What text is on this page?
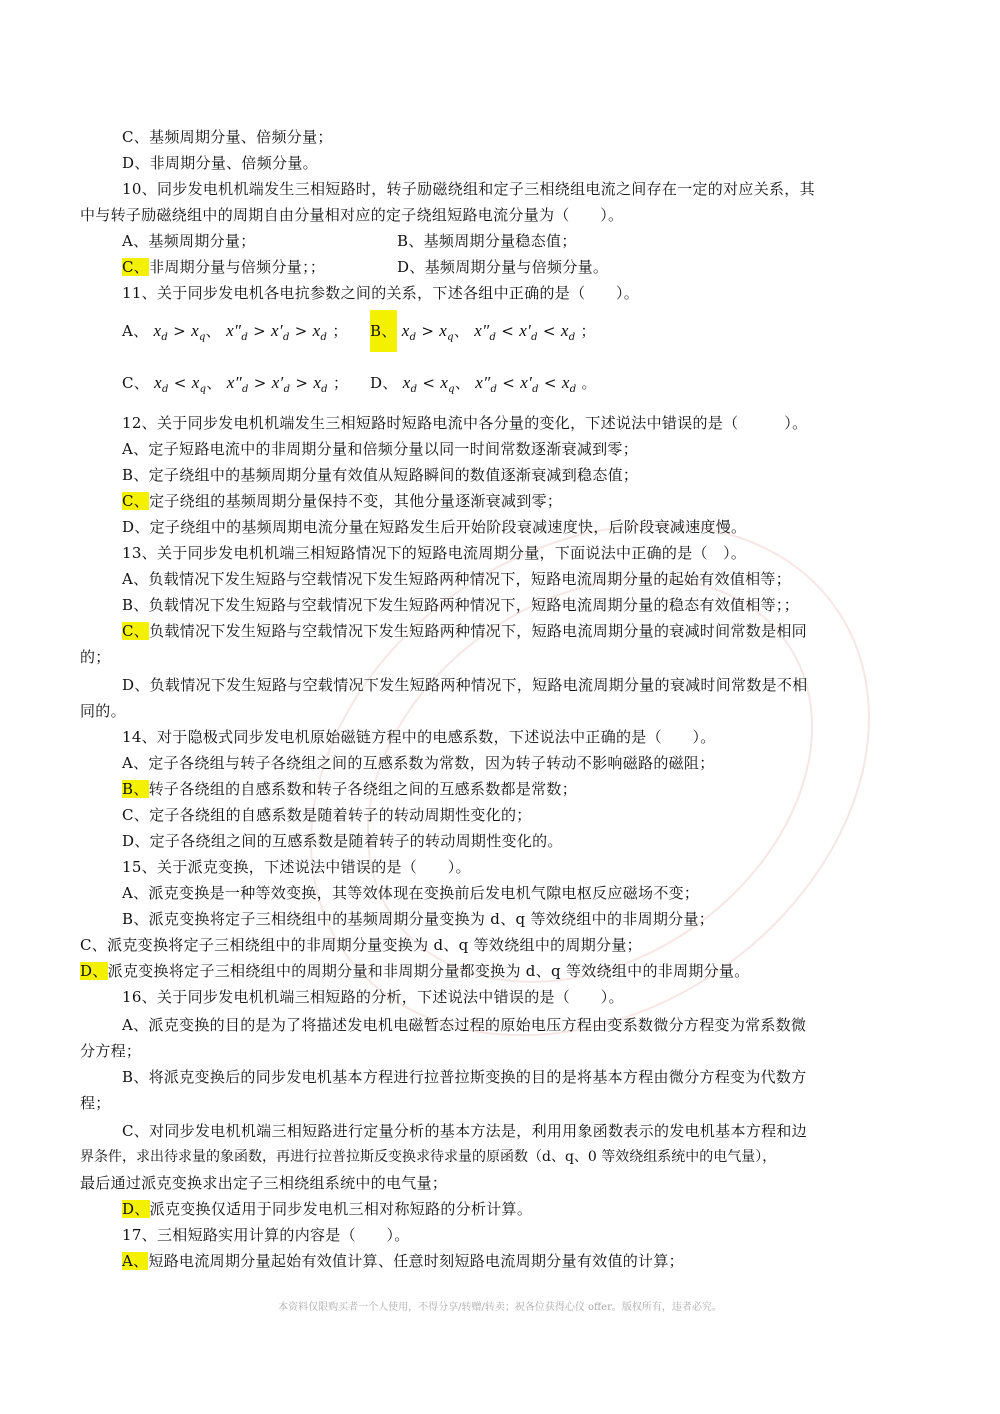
C、基频周期分量、倍频分量；
D、非周期分量、倍频分量。
10、同步发电机机端发生三相短路时，转子励磁绕组和定子三相绕组电流之间存在一定的对应关系，其
中与转子励磁绕组中的周期自由分量相对应的定子绕组短路电流分量为（　　）。
A、基频周期分量；	B、基频周期分量稳态值；
C、非周期分量与倍频分量；；	D、基频周期分量与倍频分量。
11、关于同步发电机各电抗参数之间的关系，下述各组中正确的是（　　）。
A、 $x_d > x_q$、 $x''_d > x'_d > x_d$ ； B、 $x_d > x_q$、 $x''_d < x'_d < x_d$ ；
C、 $x_d < x_q$、 $x''_d > x'_d > x_d$ ； D、 $x_d < x_q$、 $x''_d < x'_d < x_d$ 。
12、关于同步发电机机端发生三相短路时短路电流中各分量的变化，下述说法中错误的是（　　　）。
A、定子短路电流中的非周期分量和倍频分量以同一时间常数逐渐衰减到零；
B、定子绕组中的基频周期分量有效值从短路瞬间的数值逐渐衰减到稳态值；
C、定子绕组的基频周期分量保持不变，其他分量逐渐衰减到零；
D、定子绕组中的基频周期电流分量在短路发生后开始阶段衰减速度快，后阶段衰减速度慢。
13、关于同步发电机机端三相短路情况下的短路电流周期分量，下面说法中正确的是（　）。
A、负载情况下发生短路与空载情况下发生短路两种情况下，短路电流周期分量的起始有效值相等；
B、负载情况下发生短路与空载情况下发生短路两种情况下，短路电流周期分量的稳态有效值相等；；
C、负载情况下发生短路与空载情况下发生短路两种情况下，短路电流周期分量的衰减时间常数是相同
的；
D、负载情况下发生短路与空载情况下发生短路两种情况下，短路电流周期分量的衰减时间常数是不相
同的。
14、对于隐极式同步发电机原始磁链方程中的电感系数，下述说法中正确的是（　　）。
A、定子各绕组与转子各绕组之间的互感系数为常数，因为转子转动不影响磁路的磁阻；
B、转子各绕组的自感系数和转子各绕组之间的互感系数都是常数；
C、定子各绕组的自感系数是随着转子的转动周期性变化的；
D、定子各绕组之间的互感系数是随着转子的转动周期性变化的。
15、关于派克变换，下述说法中错误的是（　　）。
A、派克变换是一种等效变换，其等效体现在变换前后发电机气隙电枢反应磁场不变；
B、派克变换将定子三相绕组中的基频周期分量变换为 d、q 等效绕组中的非周期分量；
C、派克变换将定子三相绕组中的非周期分量变换为 d、q 等效绕组中的周期分量；
D、派克变换将定子三相绕组中的周期分量和非周期分量都变换为 d、q 等效绕组中的非周期分量。
16、关于同步发电机机端三相短路的分析，下述说法中错误的是（　　）。
A、派克变换的目的是为了将描述发电机电磁暂态过程的原始电压方程由变系数微分方程变为常系数微
分方程；
B、将派克变换后的同步发电机基本方程进行拉普拉斯变换的目的是将基本方程由微分方程变为代数方
程；
C、对同步发电机机端三相短路进行定量分析的基本方法是，利用用象函数表示的发电机基本方程和边
界条件，求出待求量的象函数，再进行拉普拉斯反变换求待求量的原函数（d、q、0 等效绕组系统中的电气量），
最后通过派克变换求出定子三相绕组系统中的电气量；
D、派克变换仅适用于同步发电机三相对称短路的分析计算。
17、三相短路实用计算的内容是（　　）。
A、短路电流周期分量起始有效值计算、任意时刻短路电流周期分量有效值的计算；
本资料仅限购买者一个人使用，不得分享/转赠/转卖；祝各位获得心仪 offer。版权所有，违者必究。
